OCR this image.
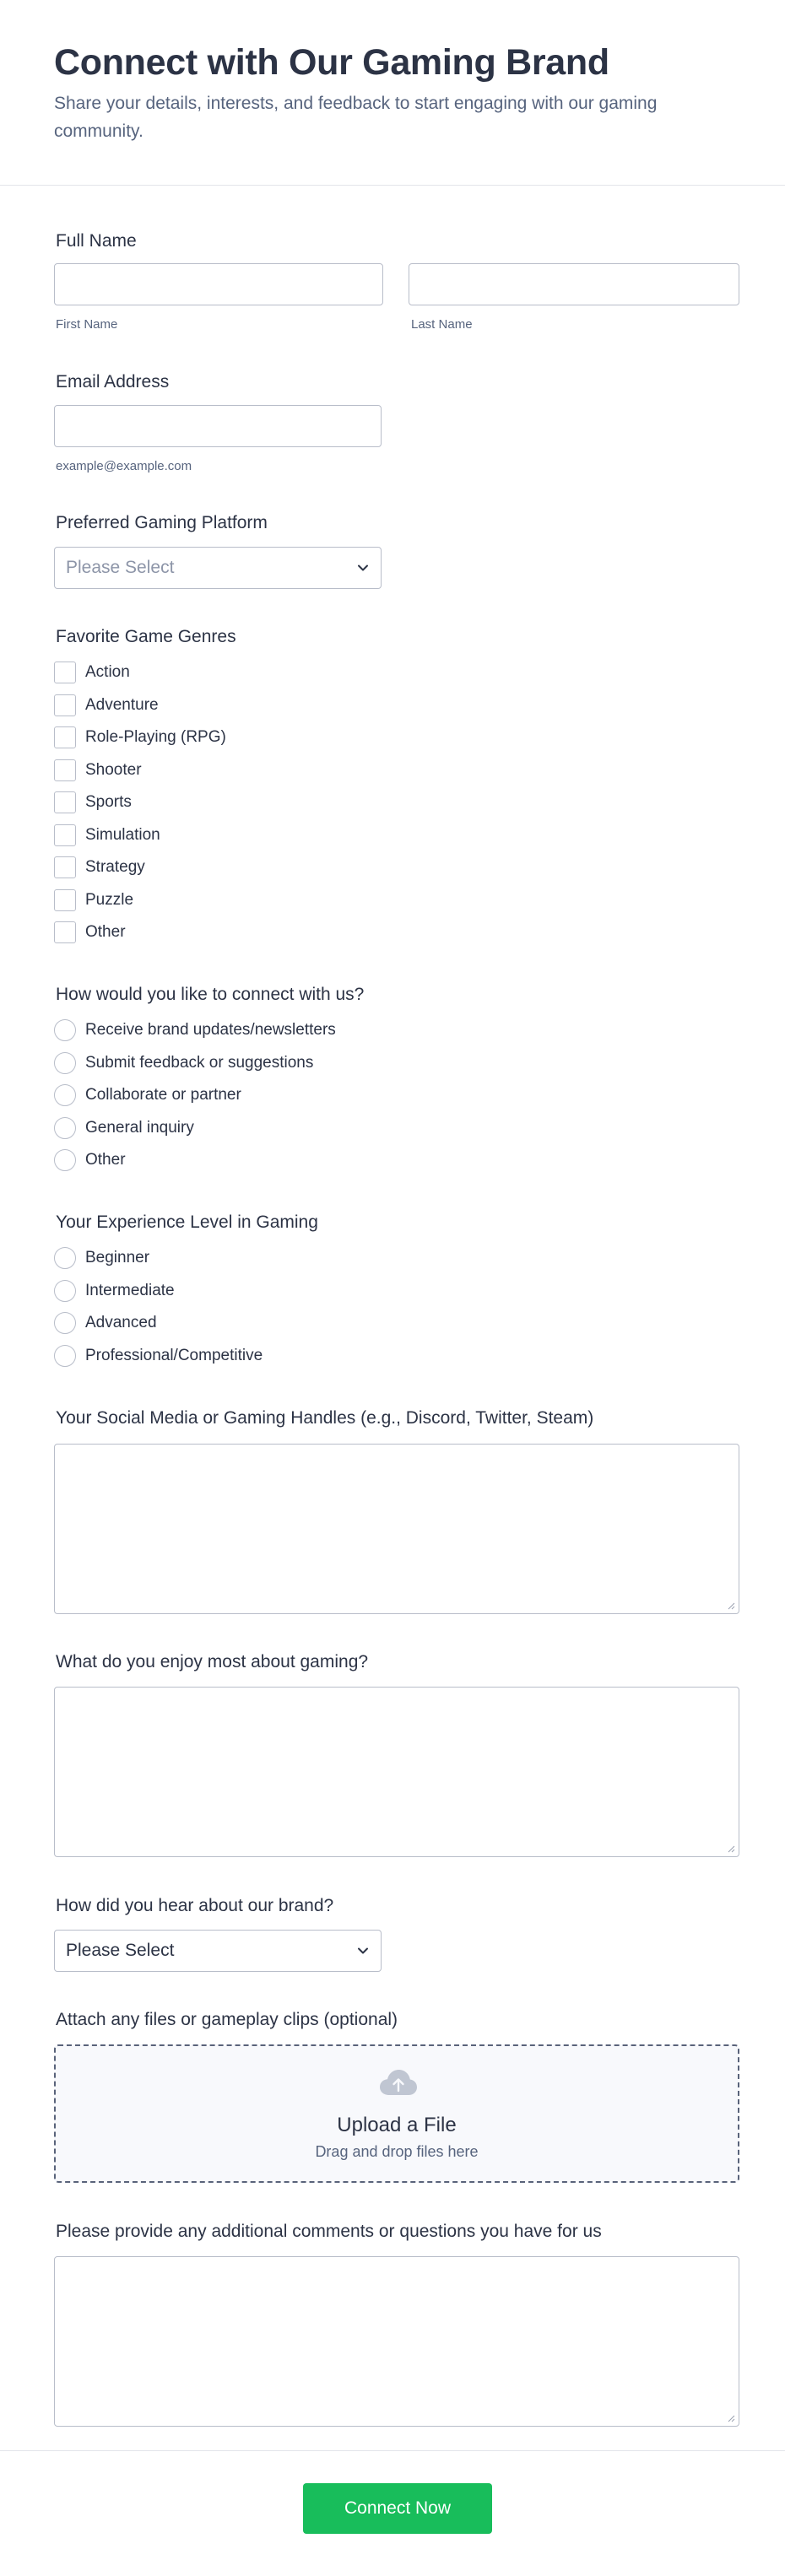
Connect with Our Gaming Brand

Share your details, interests, and feedback to start engaging with our gaming community.

Full Name
First Name	Last Name
Email Address
example@example.com
Preferred Gaming Platform
Please Select
Favorite Game Genres
Action
Adventure
Role-Playing (RPG)
Shooter
Sports
Simulation
Strategy
Puzzle
Other
How would you like to connect with us?
Receive brand updates/newsletters
Submit feedback or suggestions
Collaborate or partner
General inquiry
Other
Your Experience Level in Gaming
Beginner
Intermediate
Advanced
Professional/Competitive
Your Social Media or Gaming Handles (e.g., Discord, Twitter, Steam)
What do you enjoy most about gaming?
How did you hear about our brand?
Please Select
Attach any files or gameplay clips (optional)
Upload a File
Drag and drop files here
Please provide any additional comments or questions you have for us
Connect Now
